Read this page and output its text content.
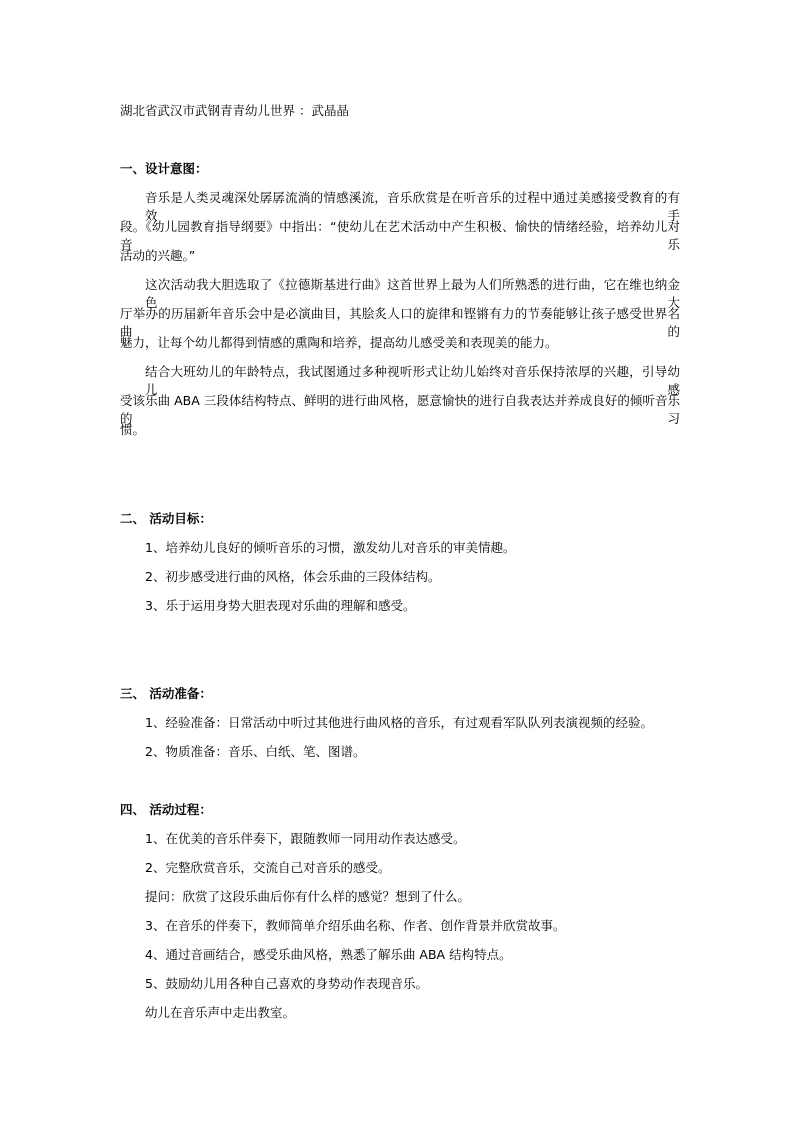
湖北省武汉市武钢青青幼儿世界 ：武晶晶
一、设计意图：
音乐是人类灵魂深处孱孱流淌的情感溪流，音乐欣赏是在听音乐的过程中通过美感接受教育的有效手
段。《幼儿园教育指导纲要》中指出：“使幼儿在艺术活动中产生积极、愉快的情绪经验，培养幼儿对音乐
活动的兴趣。”
这次活动我大胆选取了《拉德斯基进行曲》这首世界上最为人们所熟悉的进行曲，它在维也纳金色大
厅举办的历届新年音乐会中是必演曲目，其脍炙人口的旋律和铿锵有力的节奏能够让孩子感受世界名曲的
魅力，让每个幼儿都得到情感的熏陶和培养，提高幼儿感受美和表现美的能力。
结合大班幼儿的年龄特点，我试图通过多种视听形式让幼儿始终对音乐保持浓厚的兴趣，引导幼儿感
受该乐曲 ABA 三段体结构特点、鲜明的进行曲风格，愿意愉快的进行自我表达并养成良好的倾听音乐的习
惯。
二、 活动目标：
1、培养幼儿良好的倾听音乐的习惯，激发幼儿对音乐的审美情趣。
2、初步感受进行曲的风格，体会乐曲的三段体结构。
3、乐于运用身势大胆表现对乐曲的理解和感受。
三、 活动准备：
1、经验准备：日常活动中听过其他进行曲风格的音乐，有过观看军队队列表演视频的经验。
2、物质准备：音乐、白纸、笔、图谱。
四、 活动过程：
1、在优美的音乐伴奏下，跟随教师一同用动作表达感受。
2、完整欣赏音乐，交流自己对音乐的感受。
提问：欣赏了这段乐曲后你有什么样的感觉？想到了什么。
3、在音乐的伴奏下，教师简单介绍乐曲名称、作者、创作背景并欣赏故事。
4、通过音画结合，感受乐曲风格，熟悉了解乐曲 ABA 结构特点。
5、鼓励幼儿用各种自己喜欢的身势动作表现音乐。
幼儿在音乐声中走出教室。
